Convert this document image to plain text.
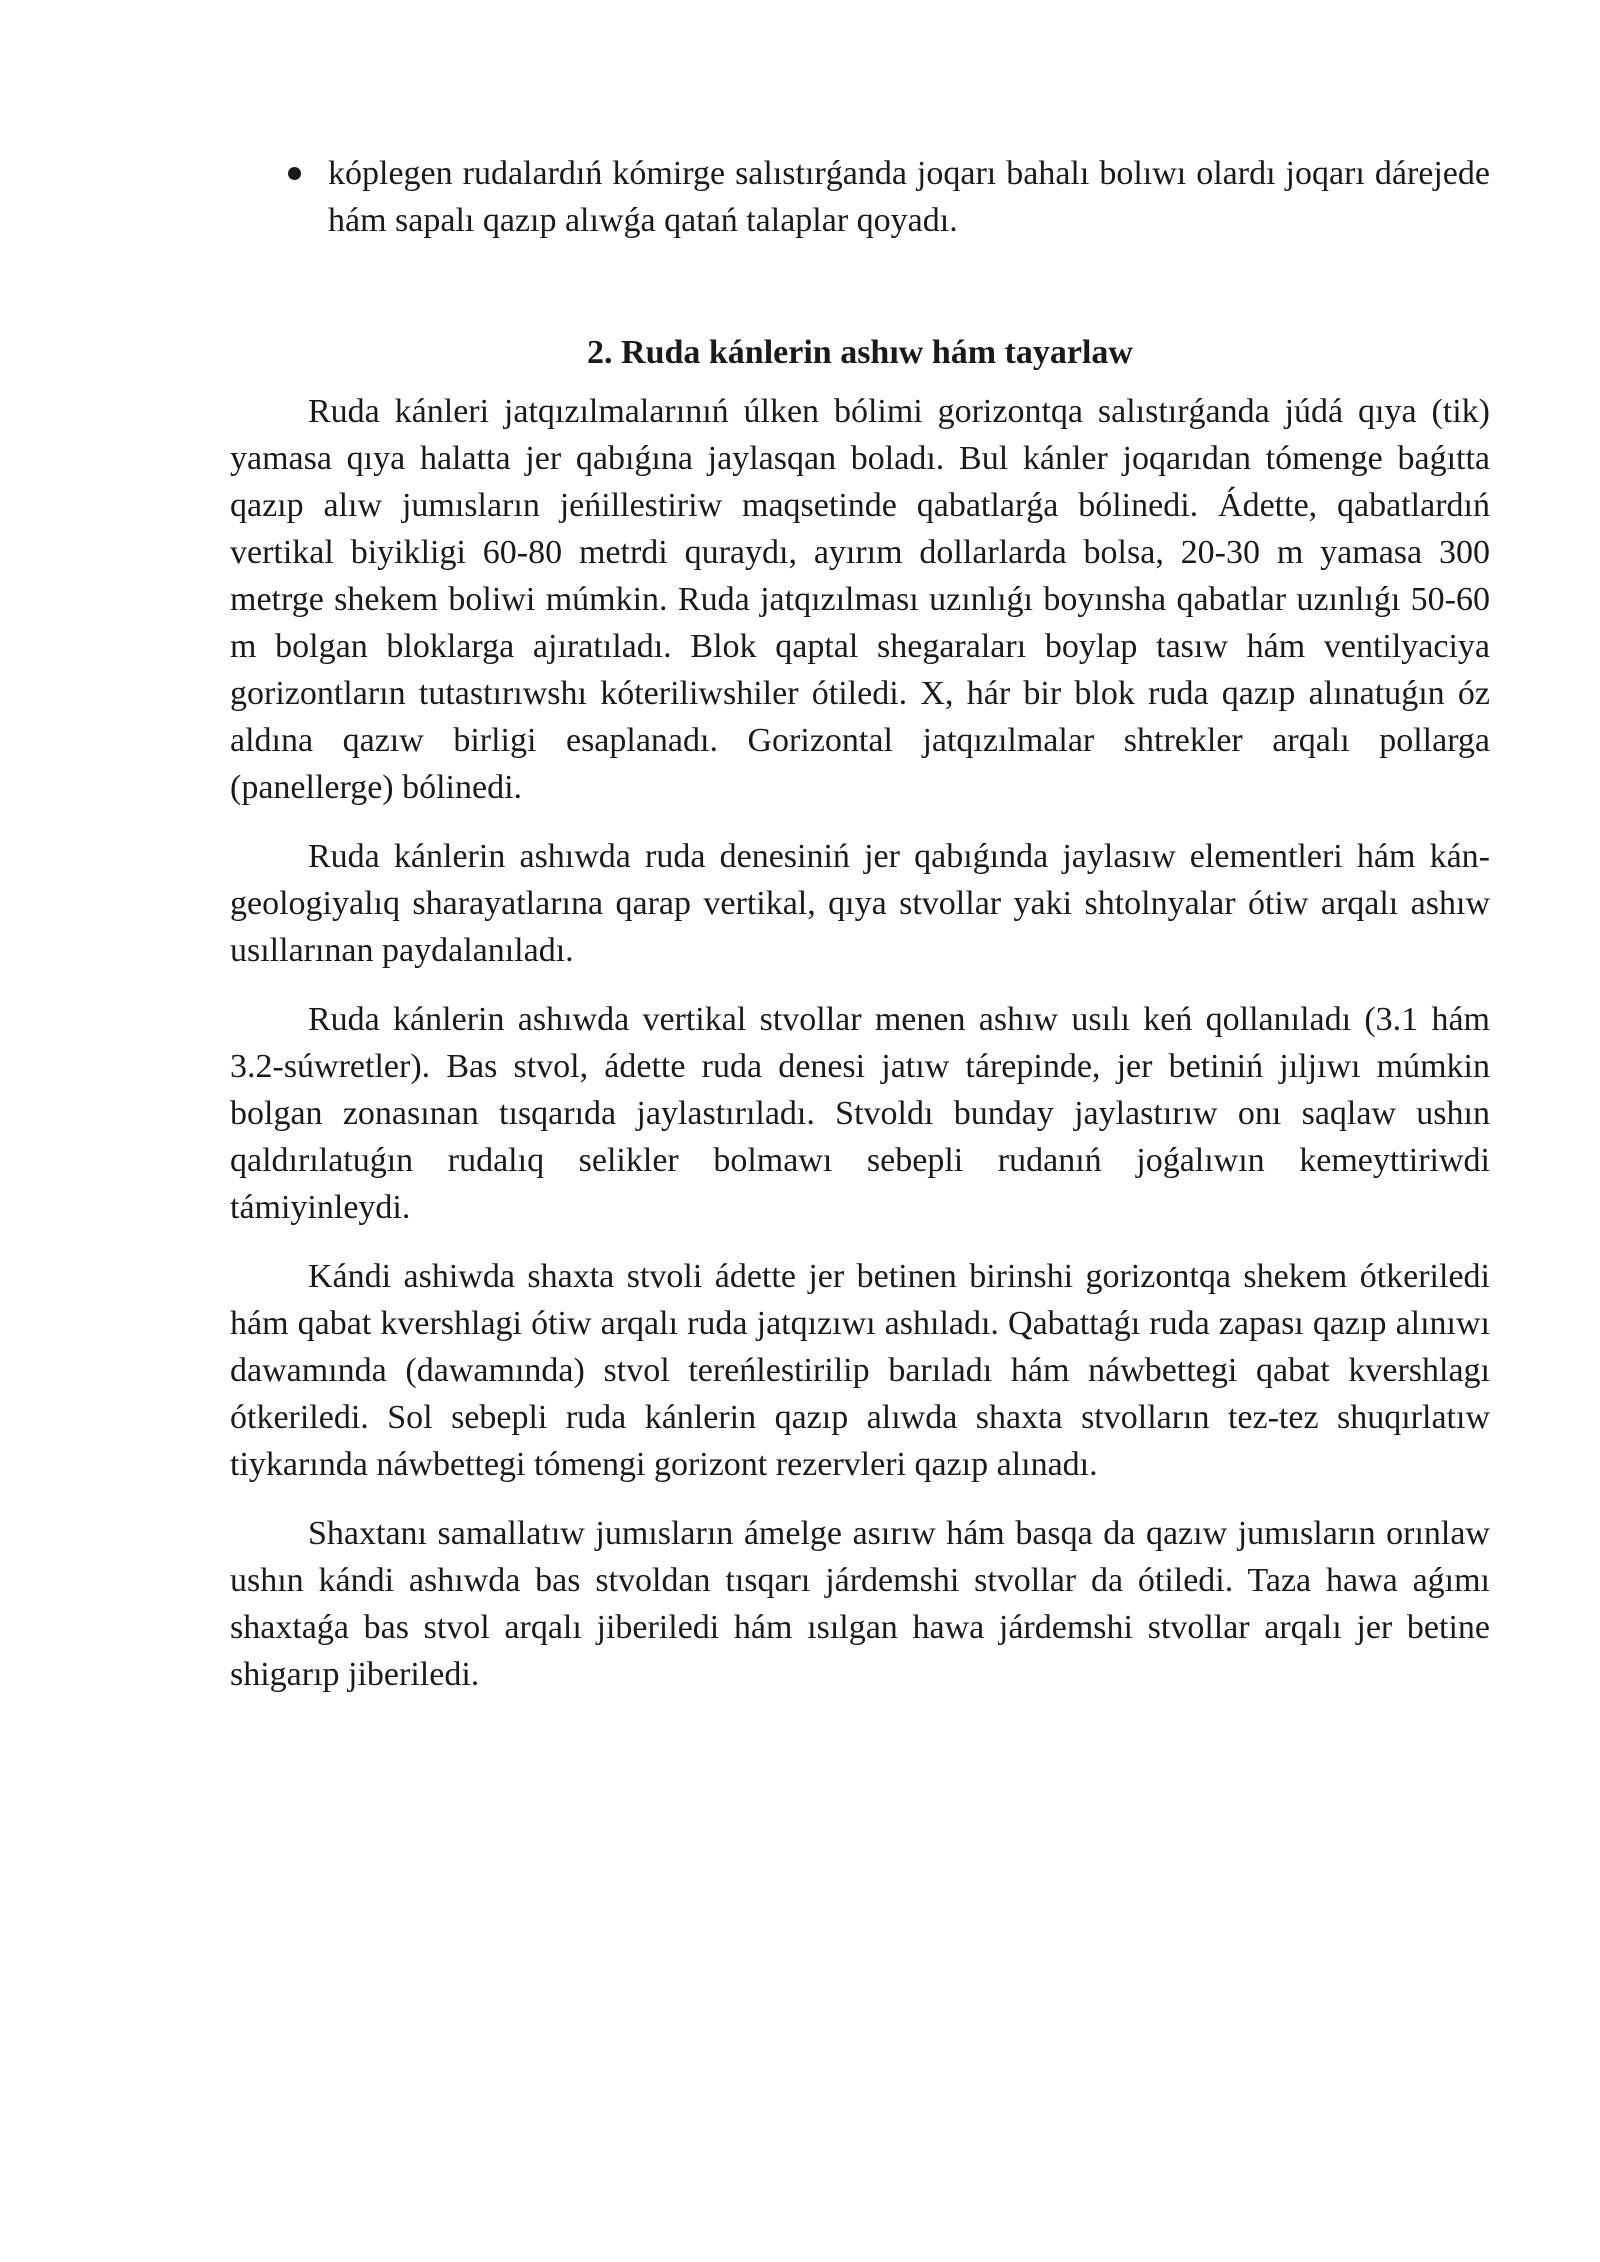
kóplegen rudalardıń kómirge salıstırǵanda joqarı bahalı bolıwı olardı joqarı dárejede hám sapalı qazıp alıwǵa qatań talaplar qoyadı.
2. Ruda kánlerin ashıw hám tayarlaw

Ruda kánleri jatqızılmalarınıń úlken bólimi gorizontqa salıstırǵanda júdá qıya (tik) yamasa qıya halatta jer qabıǵına jaylasqan boladı. Bul kánler joqarıdan tómenge baǵıtta qazıp alıw jumısların jeńillestiriw maqsetinde qabatlarǵa bólinedi. Ádette, qabatlardıń vertikal biyikligi 60-80 metrdi quraydı, ayırım dollarlarda bolsa, 20-30 m yamasa 300 metrge shekem boliwi múmkin. Ruda jatqızılması uzınlıǵı boyınsha qabatlar uzınlıǵı 50-60 m bolgan bloklarga ajıratıladı. Blok qaptal shegaraları boylap tasıw hám ventilyaciya gorizontların tutastırıwshı kóteriliwshiler ótiledi. X, hár bir blok ruda qazıp alınatuǵın óz aldına qazıw birligi esaplanadı. Gorizontal jatqızılmalar shtrekler arqalı pollarga (panellerge) bólinedi.

Ruda kánlerin ashıwda ruda denesiniń jer qabıǵında jaylasıw elementleri hám kán-geologiyalıq sharayatlarına qarap vertikal, qıya stvollar yaki shtolnyalar ótiw arqalı ashıw usıllarınan paydalanıladı.

Ruda kánlerin ashıwda vertikal stvollar menen ashıw usılı keń qollanıladı (3.1 hám 3.2-súwretler). Bas stvol, ádette ruda denesi jatıw tárepinde, jer betiniń jıljıwı múmkin bolgan zonasınan tısqarıda jaylastırıladı. Stvoldı bunday jaylastırıw onı saqlaw ushın qaldırılatuǵın rudalıq selikler bolmawı sebepli rudanıń joǵalıwın kemeyttiriwdi támiyinleydi.

Kándi ashiwda shaxta stvoli ádette jer betinen birinshi gorizontqa shekem ótkeriledi hám qabat kvershlagi ótiw arqalı ruda jatqızıwı ashıladı. Qabattaǵı ruda zapası qazıp alınıwı dawamında (dawamında) stvol tereńlestirilip barıladı hám náwbettegi qabat kvershlagı ótkeriledi. Sol sebepli ruda kánlerin qazıp alıwda shaxta stvolların tez-tez shuqırlatıw tiykarında náwbettegi tómengi gorizont rezervleri qazıp alınadı.

Shaxtanı samallatıw jumısların ámelge asırıw hám basqa da qazıw jumısların orınlaw ushın kándi ashıwda bas stvoldan tısqarı járdemshi stvollar da ótiledi. Taza hawa aǵımı shaxtaǵa bas stvol arqalı jiberiledi hám ısılgan hawa járdemshi stvollar arqalı jer betine shigarıp jiberiledi.
